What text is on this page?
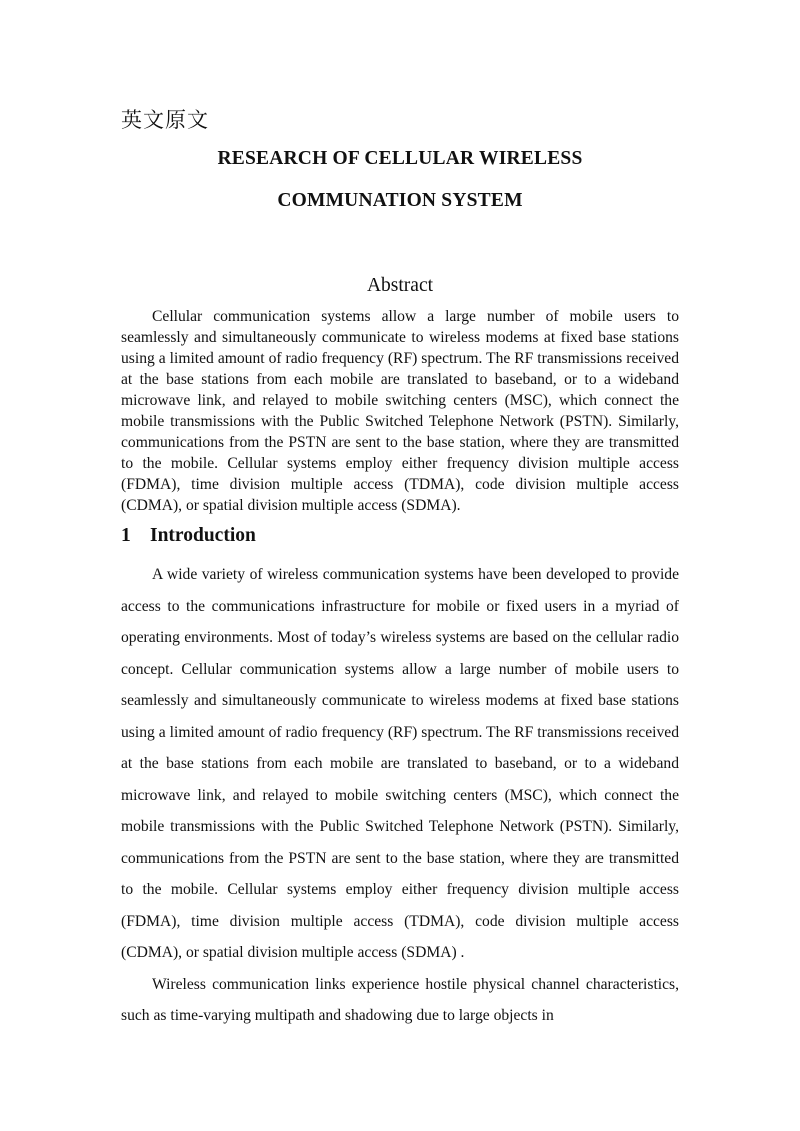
英文原文
RESEARCH OF CELLULAR WIRELESS
COMMUNATION SYSTEM
Abstract

Cellular communication systems allow a large number of mobile users to seamlessly and simultaneously communicate to wireless modems at fixed base stations using a limited amount of radio frequency (RF) spectrum. The RF transmissions received at the base stations from each mobile are translated to baseband, or to a wideband microwave link, and relayed to mobile switching centers (MSC), which connect the mobile transmissions with the Public Switched Telephone Network (PSTN). Similarly, communications from the PSTN are sent to the base station, where they are transmitted to the mobile. Cellular systems employ either frequency division multiple access (FDMA), time division multiple access (TDMA), code division multiple access (CDMA), or spatial division multiple access (SDMA).

1 Introduction

A wide variety of wireless communication systems have been developed to provide access to the communications infrastructure for mobile or fixed users in a myriad of operating environments. Most of today’s wireless systems are based on the cellular radio concept. Cellular communication systems allow a large number of mobile users to seamlessly and simultaneously communicate to wireless modems at fixed base stations using a limited amount of radio frequency (RF) spectrum. The RF transmissions received at the base stations from each mobile are translated to baseband, or to a wideband microwave link, and relayed to mobile switching centers (MSC), which connect the mobile transmissions with the Public Switched Telephone Network (PSTN). Similarly, communications from the PSTN are sent to the base station, where they are transmitted to the mobile. Cellular systems employ either frequency division multiple access (FDMA), time division multiple access (TDMA), code division multiple access (CDMA), or spatial division multiple access (SDMA) .

Wireless communication links experience hostile physical channel characteristics, such as time-varying multipath and shadowing due to large objects in
